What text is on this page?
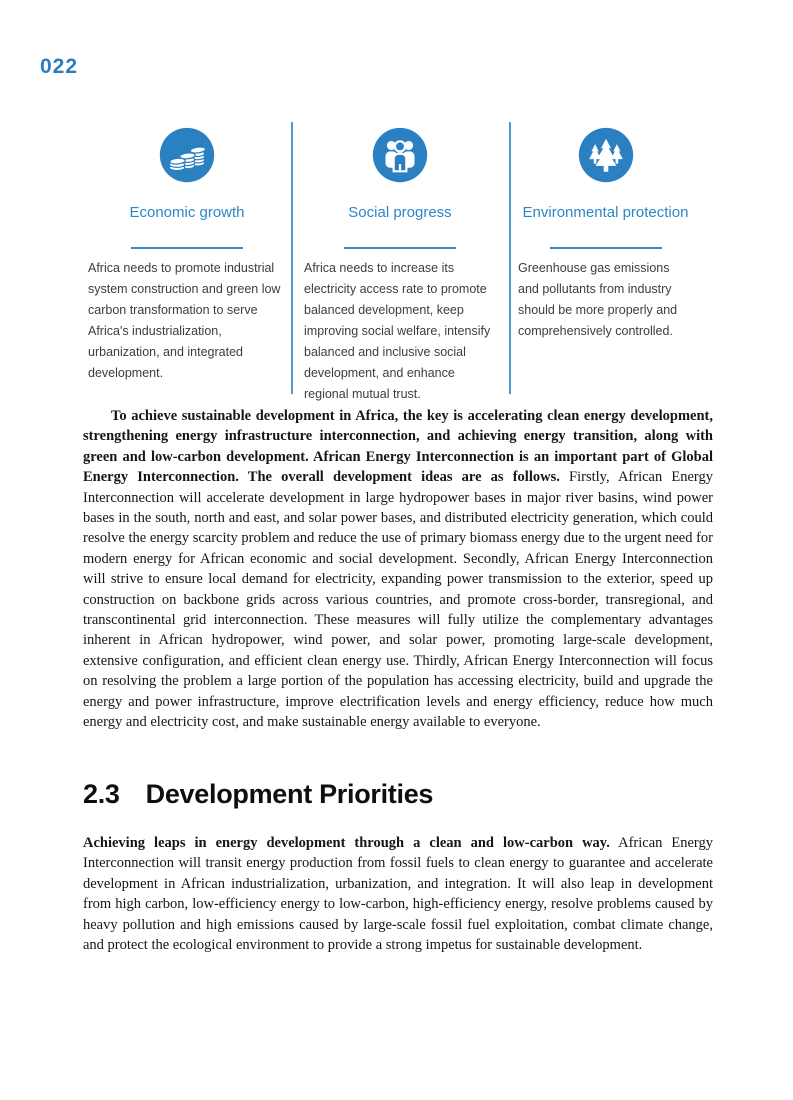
022
Economic growth
Africa needs to promote industrial system construction and green low carbon transformation to serve Africa's industrialization, urbanization, and integrated development.
Social progress
Africa needs to increase its electricity access rate to promote balanced development, keep improving social welfare, intensify balanced and inclusive social development, and enhance regional mutual trust.
Environmental protection
Greenhouse gas emissions and pollutants from industry should be more properly and comprehensively controlled.
To achieve sustainable development in Africa, the key is accelerating clean energy development, strengthening energy infrastructure interconnection, and achieving energy transition, along with green and low-carbon development. African Energy Interconnection is an important part of Global Energy Interconnection. The overall development ideas are as follows. Firstly, African Energy Interconnection will accelerate development in large hydropower bases in major river basins, wind power bases in the south, north and east, and solar power bases, and distributed electricity generation, which could resolve the energy scarcity problem and reduce the use of primary biomass energy due to the urgent need for modern energy for African economic and social development. Secondly, African Energy Interconnection will strive to ensure local demand for electricity, expanding power transmission to the exterior, speed up construction on backbone grids across various countries, and promote cross-border, transregional, and transcontinental grid interconnection. These measures will fully utilize the complementary advantages inherent in African hydropower, wind power, and solar power, promoting large-scale development, extensive configuration, and efficient clean energy use. Thirdly, African Energy Interconnection will focus on resolving the problem a large portion of the population has accessing electricity, build and upgrade the energy and power infrastructure, improve electrification levels and energy efficiency, reduce how much energy and electricity cost, and make sustainable energy available to everyone.
2.3 Development Priorities
Achieving leaps in energy development through a clean and low-carbon way. African Energy Interconnection will transit energy production from fossil fuels to clean energy to guarantee and accelerate development in African industrialization, urbanization, and integration. It will also leap in development from high carbon, low-efficiency energy to low-carbon, high-efficiency energy, resolve problems caused by heavy pollution and high emissions caused by large-scale fossil fuel exploitation, combat climate change, and protect the ecological environment to provide a strong impetus for sustainable development.
